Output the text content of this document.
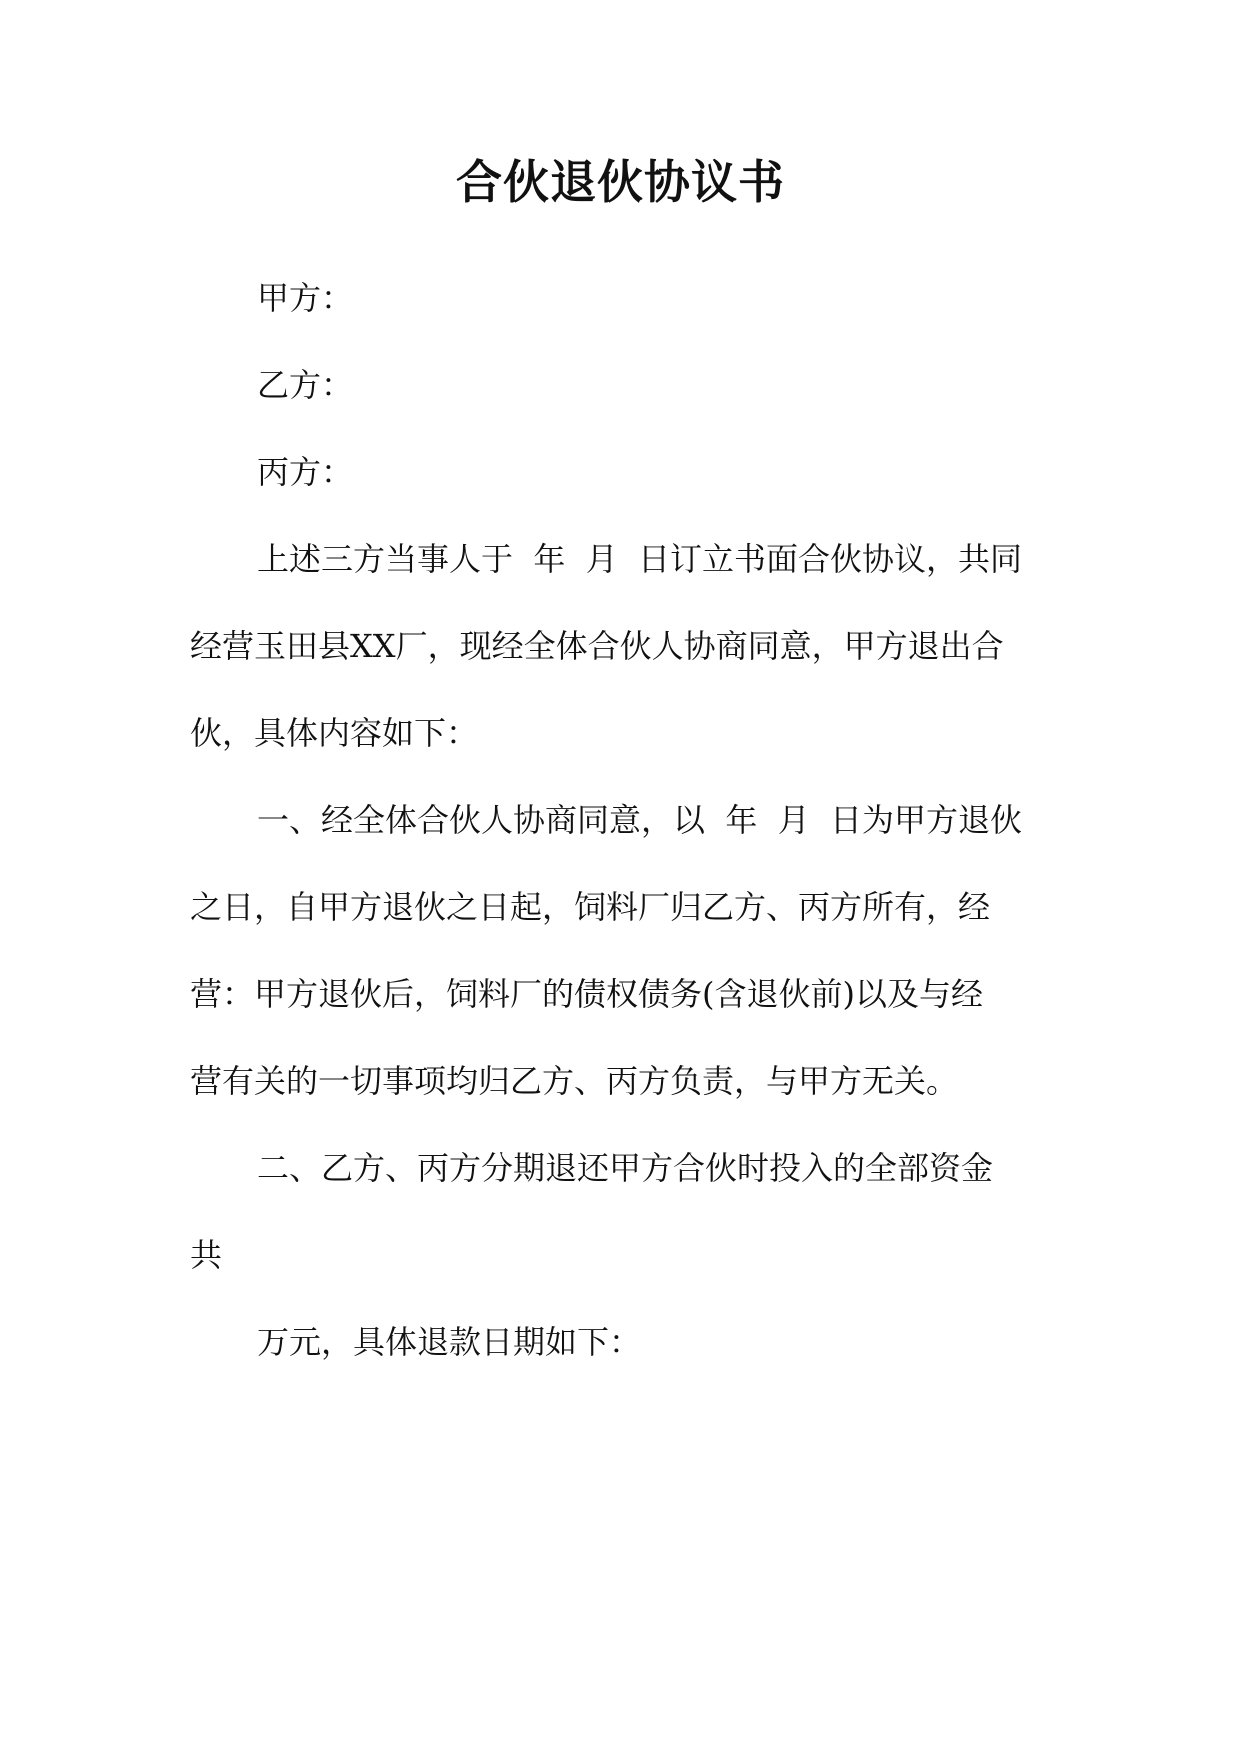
合伙退伙协议书

甲方：

乙方：

丙方：

上述三方当事人于  年  月  日订立书面合伙协议，共同

经营玉田县XX厂，现经全体合伙人协商同意，甲方退出合

伙，具体内容如下：

一、经全体合伙人协商同意，以  年  月  日为甲方退伙

之日，自甲方退伙之日起，饲料厂归乙方、丙方所有，经

营：甲方退伙后，饲料厂的债权债务(含退伙前)以及与经

营有关的一切事项均归乙方、丙方负责，与甲方无关。

二、乙方、丙方分期退还甲方合伙时投入的全部资金

共

万元，具体退款日期如下：
